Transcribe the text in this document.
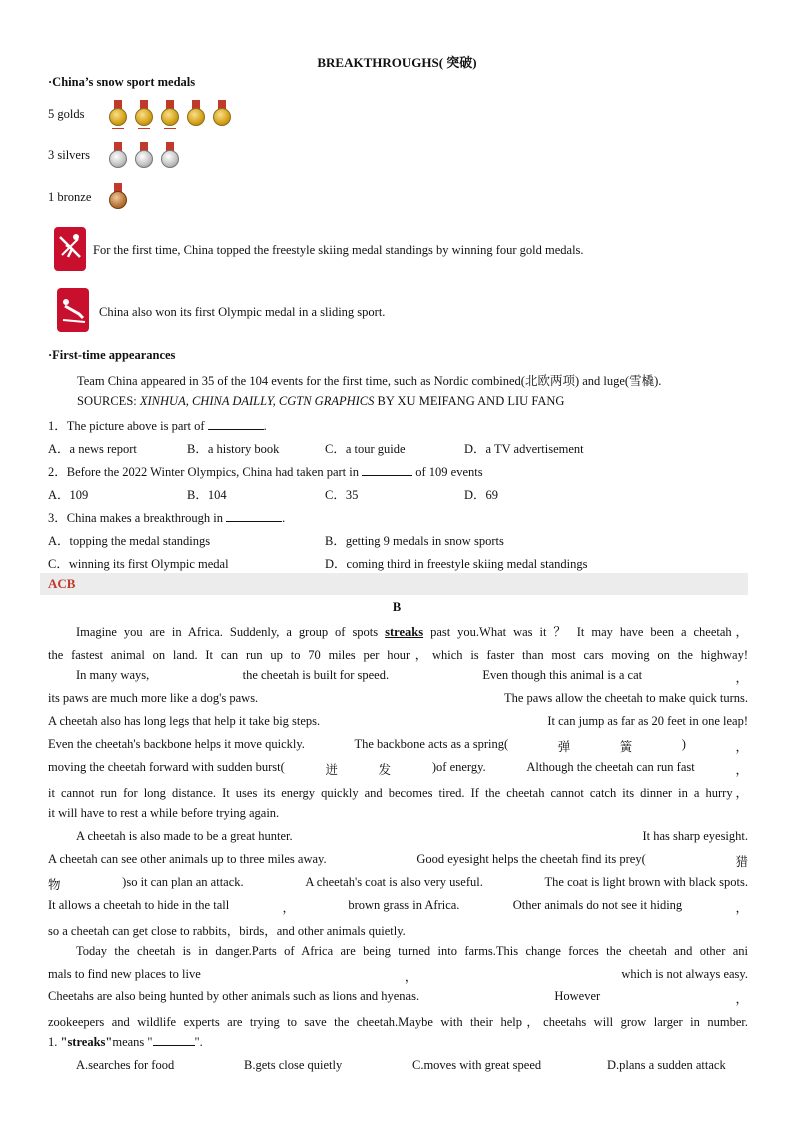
BREAKTHROUGHS( 突破)
·China’s snow sport medals
5 golds
3 silvers
1 bronze
For the first time, China topped the freestyle skiing medal standings by winning four gold medals.
China also won its first Olympic medal in a sliding sport.
·First-time appearances
Team China appeared in 35 of the 104 events for the first time, such as Nordic combined(北欧两项) and luge(雪橇).
SOURCES: XINHUA, CHINA DAILLY, CGTN GRAPHICS BY XU MEIFANG AND LIU FANG
1．The picture above is part of	.
A．a news report	B．a history book	C．a tour guide	D．a TV advertisement
2．Before the 2022 Winter Olympics, China had taken part in	of 109 events
A．109	B．104	C．35	D．69
3．China makes a breakthrough in	.
A．topping the medal standings	B．getting 9 medals in snow sports
C．winning its first Olympic medal	D．coming third in freestyle skiing medal standings
ACB
B
Imagine you are in Africa. Suddenly, a group of spots streaks past you.What was it ？ It may have been a cheetah，
the fastest animal on land. It can run up to 70 miles per hour，which is faster than most cars moving on the highway!
In many ways,	the cheetah is built for speed.	Even though this animal is a cat	，
its paws are much more like a dog's paws.	The paws allow the cheetah to make quick turns.
A cheetah also has long legs that help it take big steps.	It can jump as far as 20 feet in one leap!
Even the cheetah's backbone helps it move quickly.	The backbone acts as a spring(	弹	簧	)	，
moving the cheetah forward with sudden burst(	迸	发	)of energy.	Although the cheetah can run fast	，
it cannot run for long distance. It uses its energy quickly and becomes tired. If the cheetah cannot catch its dinner in a hurry，
it will have to rest a while before trying again.
A cheetah is also made to be a great hunter.	It has sharp eyesight.
A cheetah can see other animals up to three miles away.	Good eyesight helps the cheetah find its prey(	猎
物	)so it can plan an attack.	A cheetah's coat is also very useful.	The coat is light brown with black spots.
It allows a cheetah to hide in the tall	，	brown grass in Africa.	Other animals do not see it hiding	，
so a cheetah can get close to rabbits，birds，and other animals quietly.
Today the cheetah is in danger.Parts of Africa are being turned into farms.This change forces the cheetah and other ani
mals to find new places to live	，	which is not always easy.
Cheetahs are also being hunted by other animals such as lions and hyenas.	However	，
zookeepers and wildlife experts are trying to save the cheetah.Maybe with their help，cheetahs will grow larger in number.
1. "streaks"means "	".
A.searches for food	B.gets close quietly	C.moves with great speed	D.plans a sudden attack
